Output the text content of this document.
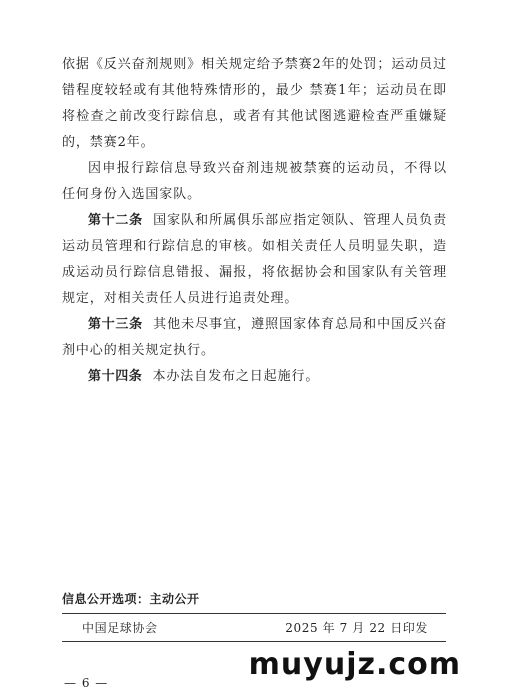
依据《反兴奋剂规则》相关规定给予禁赛2年的处罚；运动员过错程度较轻或有其他特殊情形的，最少 禁赛1年；运动员在即将检查之前改变行踪信息，或者有其他试图逃避检查严重嫌疑的，禁赛2年。

因申报行踪信息导致兴奋剂违规被禁赛的运动员，不得以任何身份入选国家队。

第十二条 国家队和所属俱乐部应指定领队、管理人员负责运动员管理和行踪信息的审核。如相关责任人员明显失职，造成运动员行踪信息错报、漏报，将依据协会和国家队有关管理规定，对相关责任人员进行追责处理。

第十三条 其他未尽事宜，遵照国家体育总局和中国反兴奋剂中心的相关规定执行。

第十四条 本办法自发布之日起施行。

信息公开选项：主动公开
中国足球协会	2025 年 7 月 22 日印发
— 6 —
muyujz.com
